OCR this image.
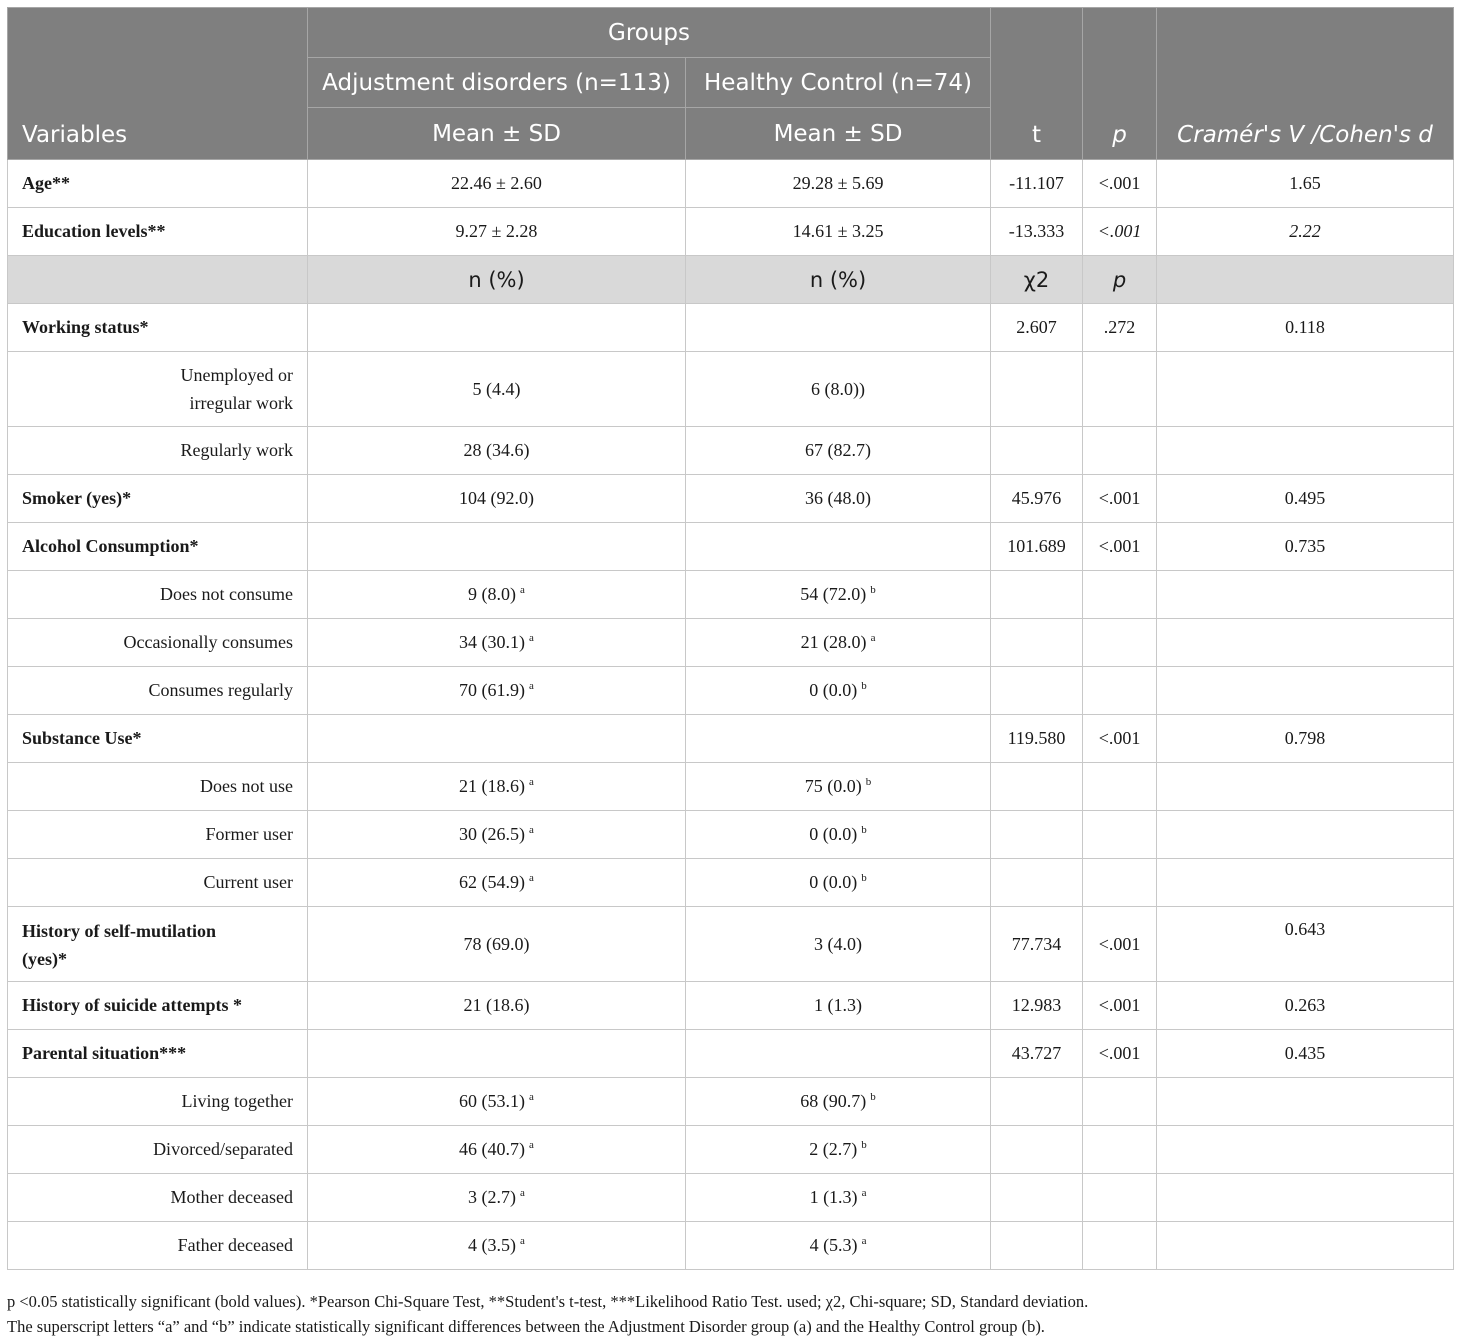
Variables	Groups		t	p	Cramér's V /Cohen's d
	Adjustment disorders (n=113)	Healthy Control (n=74)			
	Mean ± SD	Mean ± SD			
Age**	22.46 ± 2.60	29.28 ± 5.69	-11.107	<.001	1.65
Education levels**	9.27 ± 2.28	14.61 ± 3.25	-13.333	<.001	2.22
	n (%)	n (%)	χ2	p	
Working status*			2.607	.272	0.118
Unemployed or
irregular work	5 (4.4)	6 (8.0))			
Regularly work	28 (34.6)	67 (82.7)			
Smoker (yes)*	104 (92.0)	36 (48.0)	45.976	<.001	0.495
Alcohol Consumption*			101.689	<.001	0.735
Does not consume	9 (8.0) $^a$	54 (72.0) $^b$			
Occasionally consumes	34 (30.1) $^a$	21 (28.0) $^a$			
Consumes regularly	70 (61.9) $^a$	0 (0.0) $^b$			
Substance Use*			119.580	<.001	0.798
Does not use	21 (18.6) $^a$	75 (0.0) $^b$			
Former user	30 (26.5) $^a$	0 (0.0) $^b$			
Current user	62 (54.9) $^a$	0 (0.0) $^b$			
History of self-mutilation
(yes)*	78 (69.0)	3 (4.0)	77.734	<.001	0.643
History of suicide attempts *	21 (18.6)	1 (1.3)	12.983	<.001	0.263
Parental situation***			43.727	<.001	0.435
Living together	60 (53.1) $^a$	68 (90.7) $^b$			
Divorced/separated	46 (40.7) $^a$	2 (2.7) $^b$			
Mother deceased	3 (2.7) $^a$	1 (1.3) $^a$			
Father deceased	4 (3.5) $^a$	4 (5.3) $^a$			
p <0.05 statistically significant (bold values). *Pearson Chi-Square Test, **Student's t-test, ***Likelihood Ratio Test. used; χ2, Chi-square; SD, Standard deviation.
The superscript letters “a” and “b” indicate statistically significant differences between the Adjustment Disorder group (a) and the Healthy Control group (b).
